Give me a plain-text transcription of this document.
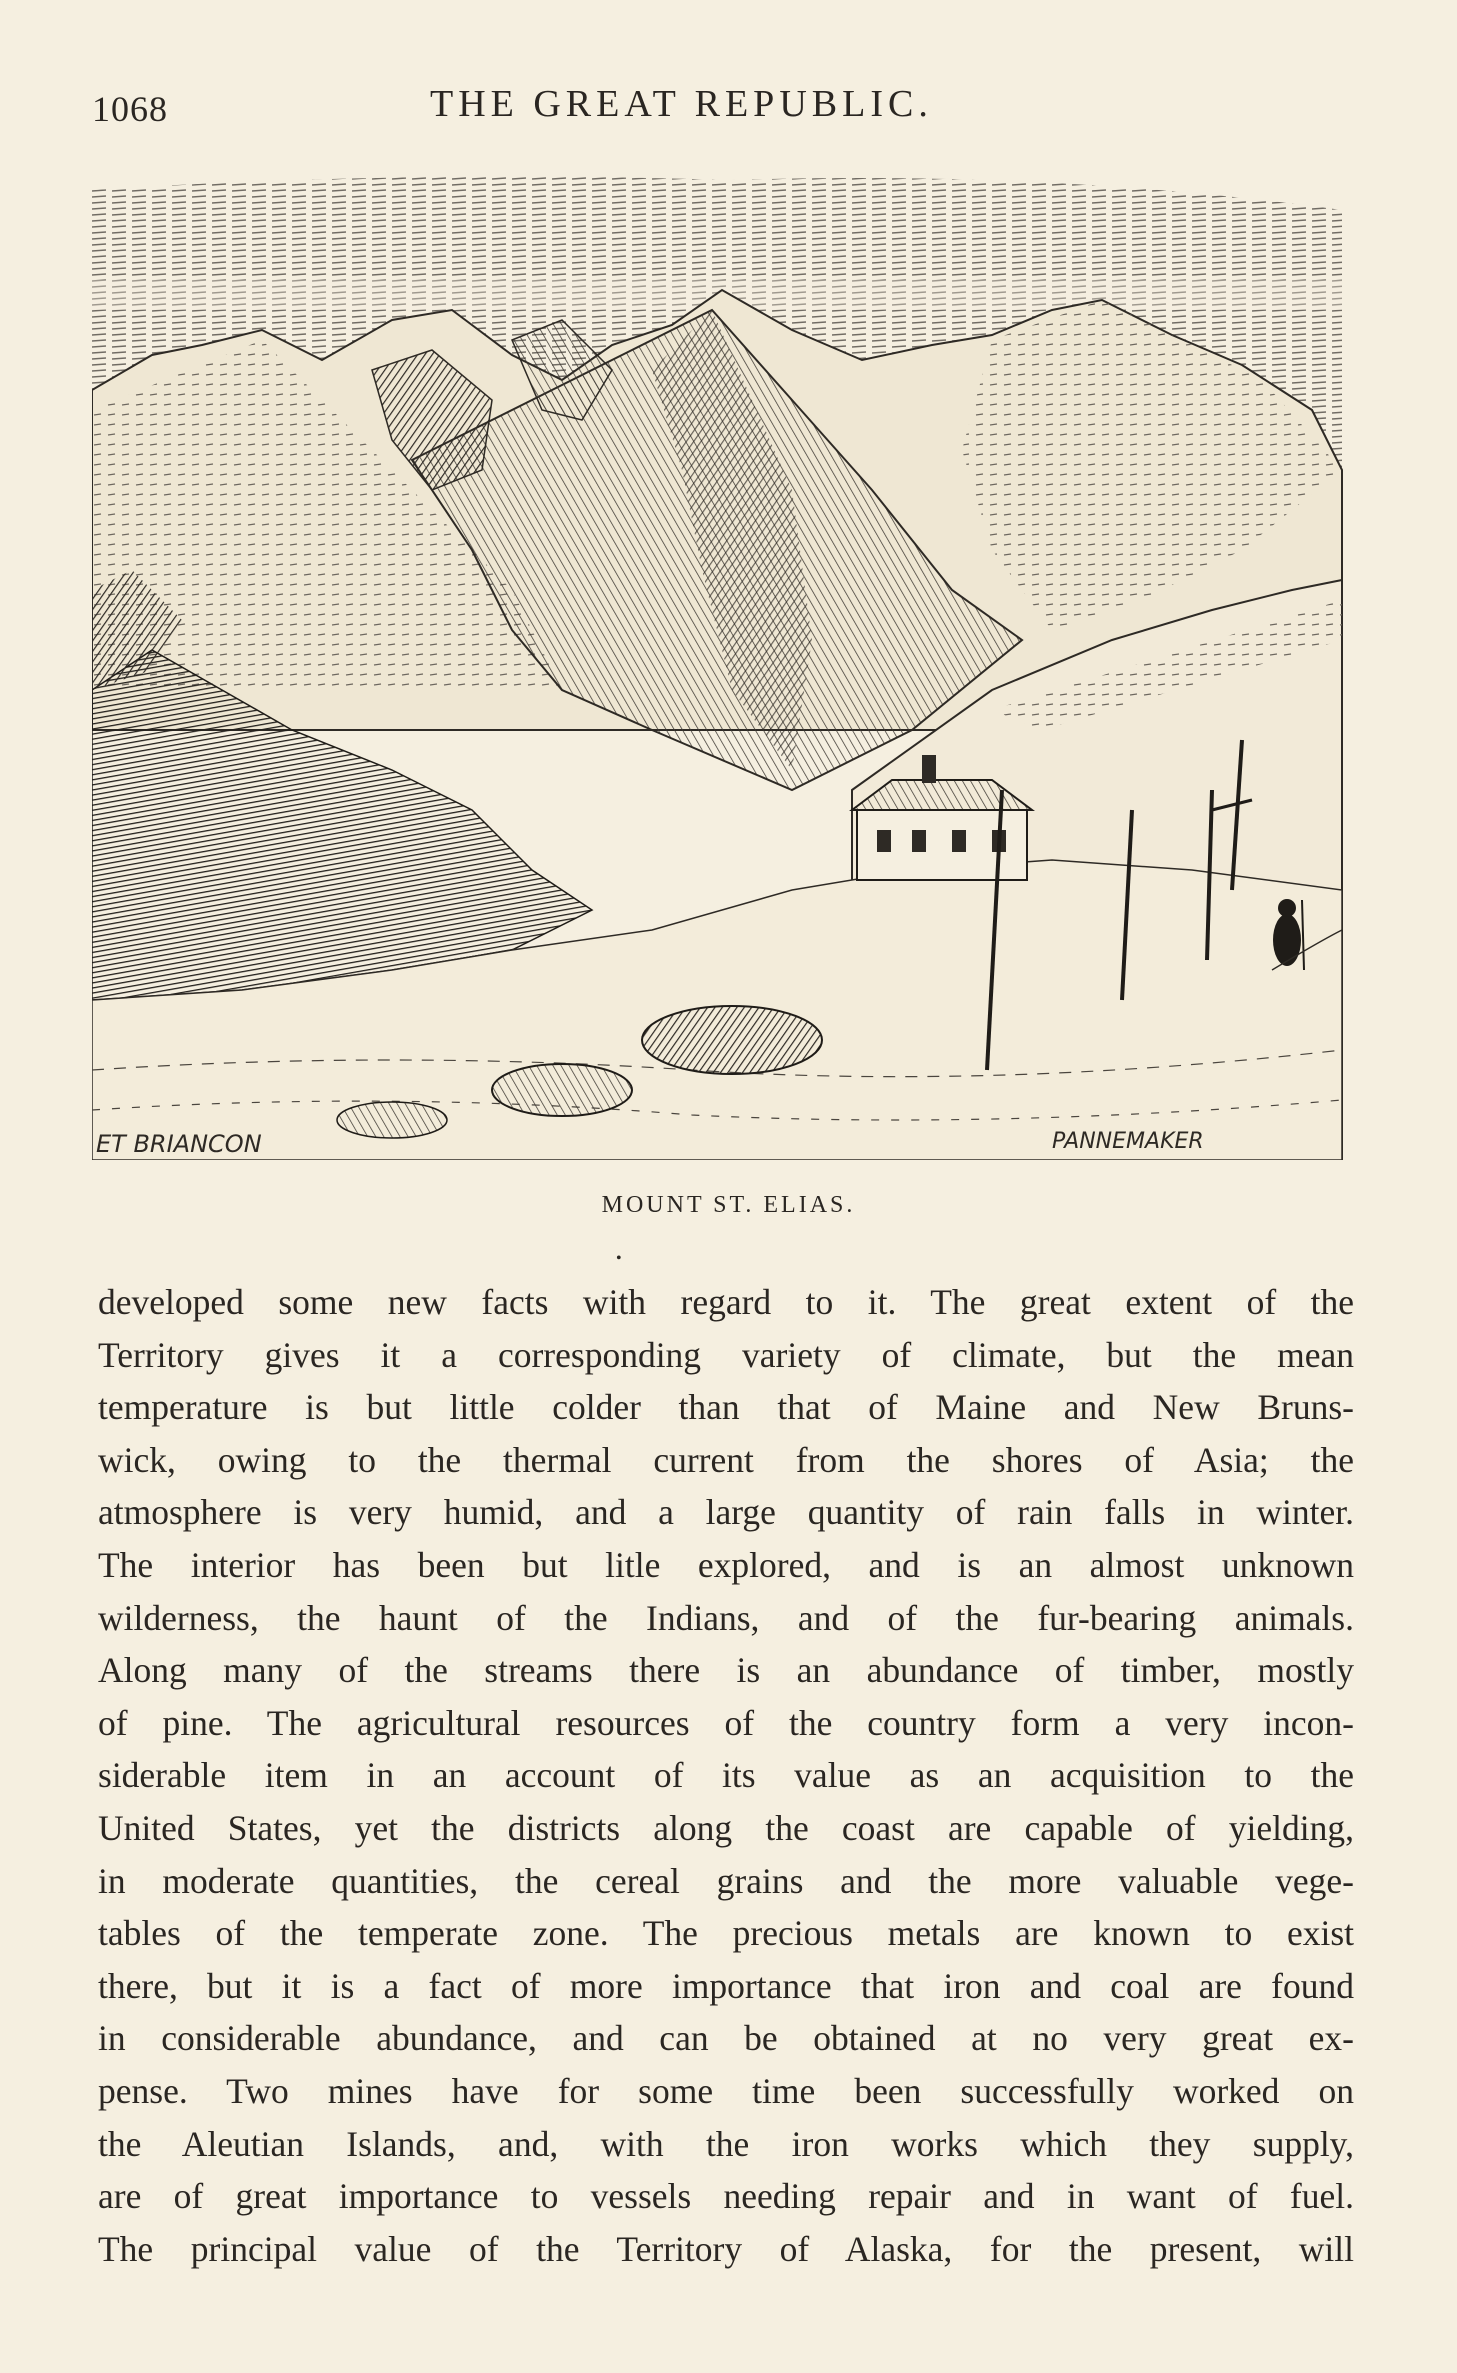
1068	THE GREAT REPUBLIC.
ET BRIANCON	PANNEMAKER
MOUNT ST. ELIAS.
•
developed some new facts with regard to it. The great extent of the
Territory gives it a corresponding variety of climate, but the mean
temperature is but little colder than that of Maine and New Bruns-
wick, owing to the thermal current from the shores of Asia; the
atmosphere is very humid, and a large quantity of rain falls in winter.
The interior has been but litle explored, and is an almost unknown
wilderness, the haunt of the Indians, and of the fur-bearing animals.
Along many of the streams there is an abundance of timber, mostly
of pine. The agricultural resources of the country form a very incon-
siderable item in an account of its value as an acquisition to the
United States, yet the districts along the coast are capable of yielding,
in moderate quantities, the cereal grains and the more valuable vege-
tables of the temperate zone. The precious metals are known to exist
there, but it is a fact of more importance that iron and coal are found
in considerable abundance, and can be obtained at no very great ex-
pense. Two mines have for some time been successfully worked on
the Aleutian Islands, and, with the iron works which they supply,
are of great importance to vessels needing repair and in want of fuel.
The principal value of the Territory of Alaska, for the present, will
